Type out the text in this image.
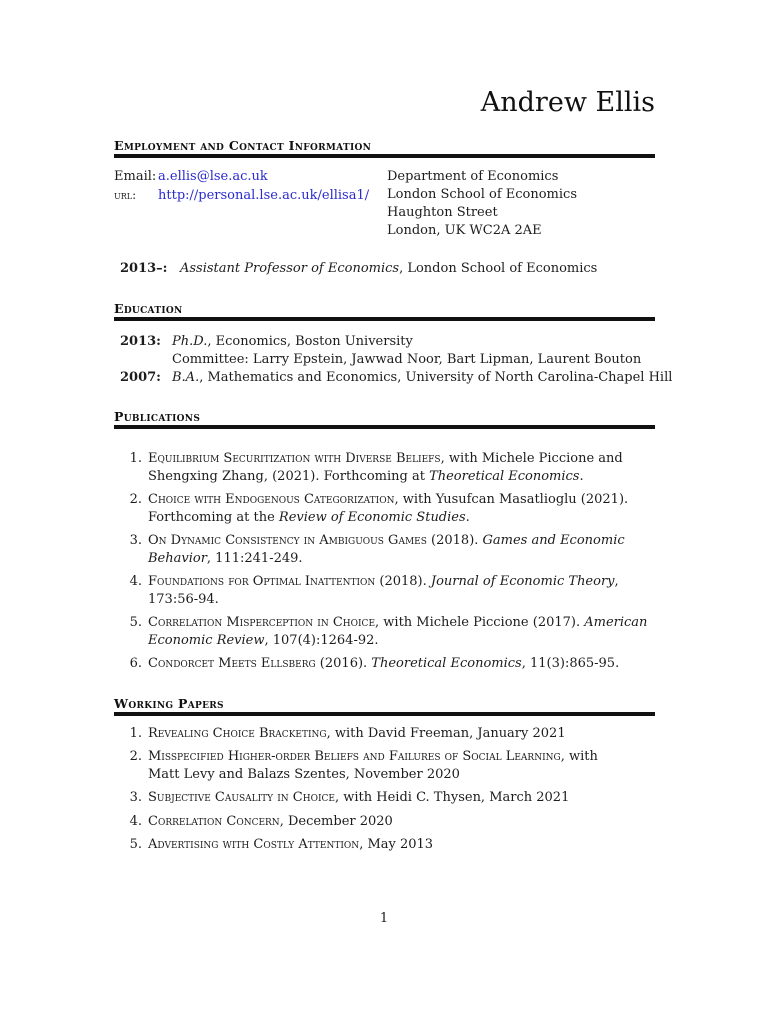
Andrew Ellis
Employment and Contact Information
Email: a.ellis@lse.ac.uk
url: http://personal.lse.ac.uk/ellisa1/
Department of Economics
London School of Economics
Haughton Street
London, UK WC2A 2AE
2013–: Assistant Professor of Economics, London School of Economics
Education
2013: Ph.D., Economics, Boston University
Committee: Larry Epstein, Jawwad Noor, Bart Lipman, Laurent Bouton
2007: B.A., Mathematics and Economics, University of North Carolina-Chapel Hill
Publications
1. Equilibrium Securitization with Diverse Beliefs, with Michele Piccione and
Shengxing Zhang, (2021). Forthcoming at Theoretical Economics.
2. Choice with Endogenous Categorization, with Yusufcan Masatlioglu (2021).
Forthcoming at the Review of Economic Studies.
3. On Dynamic Consistency in Ambiguous Games (2018). Games and Economic
Behavior, 111:241-249.
4. Foundations for Optimal Inattention (2018). Journal of Economic Theory,
173:56-94.
5. Correlation Misperception in Choice, with Michele Piccione (2017). American
Economic Review, 107(4):1264-92.
6. Condorcet Meets Ellsberg (2016). Theoretical Economics, 11(3):865-95.
Working Papers
1. Revealing Choice Bracketing, with David Freeman, January 2021
2. Misspecified Higher-order Beliefs and Failures of Social Learning, with
Matt Levy and Balazs Szentes, November 2020
3. Subjective Causality in Choice, with Heidi C. Thysen, March 2021
4. Correlation Concern, December 2020
5. Advertising with Costly Attention, May 2013
1
